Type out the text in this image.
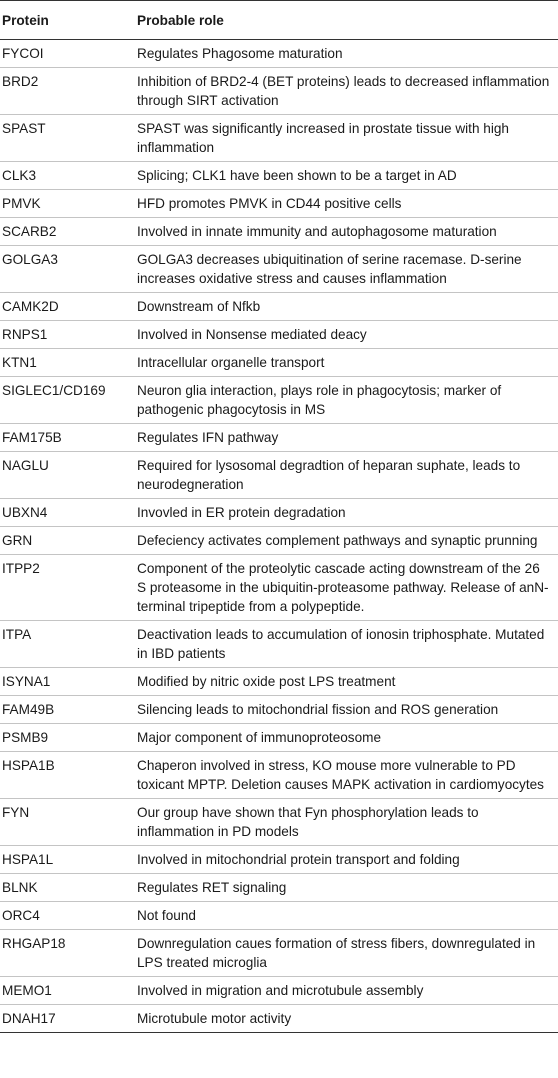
Protein	Probable role
FYCOI	Regulates Phagosome maturation
BRD2	Inhibition of BRD2-4 (BET proteins) leads to decreased inflammation through SIRT activation
SPAST	SPAST was significantly increased in prostate tissue with high inflammation
CLK3	Splicing; CLK1 have been shown to be a target in AD
PMVK	HFD promotes PMVK in CD44 positive cells
SCARB2	Involved in innate immunity and autophagosome maturation
GOLGA3	GOLGA3 decreases ubiquitination of serine racemase. D-serine increases oxidative stress and causes inflammation
CAMK2D	Downstream of Nfkb
RNPS1	Involved in Nonsense mediated deacy
KTN1	Intracellular organelle transport
SIGLEC1/CD169	Neuron glia interaction, plays role in phagocytosis; marker of pathogenic phagocytosis in MS
FAM175B	Regulates IFN pathway
NAGLU	Required for lysosomal degradtion of heparan suphate, leads to neurodegneration
UBXN4	Invovled in ER protein degradation
GRN	Defeciency activates complement pathways and synaptic prunning
ITPP2	Component of the proteolytic cascade acting downstream of the 26 S proteasome in the ubiquitin-proteasome pathway. Release of anN-terminal tripeptide from a polypeptide.
ITPA	Deactivation leads to accumulation of ionosin triphosphate. Mutated in IBD patients
ISYNA1	Modified by nitric oxide post LPS treatment
FAM49B	Silencing leads to mitochondrial fission and ROS generation
PSMB9	Major component of immunoproteosome
HSPA1B	Chaperon involved in stress, KO mouse more vulnerable to PD toxicant MPTP. Deletion causes MAPK activation in cardiomyocytes
FYN	Our group have shown that Fyn phosphorylation leads to inflammation in PD models
HSPA1L	Involved in mitochondrial protein transport and folding
BLNK	Regulates RET signaling
ORC4	Not found
RHGAP18	Downregulation caues formation of stress fibers, downregulated in LPS treated microglia
MEMO1	Involved in migration and microtubule assembly
DNAH17	Microtubule motor activity
